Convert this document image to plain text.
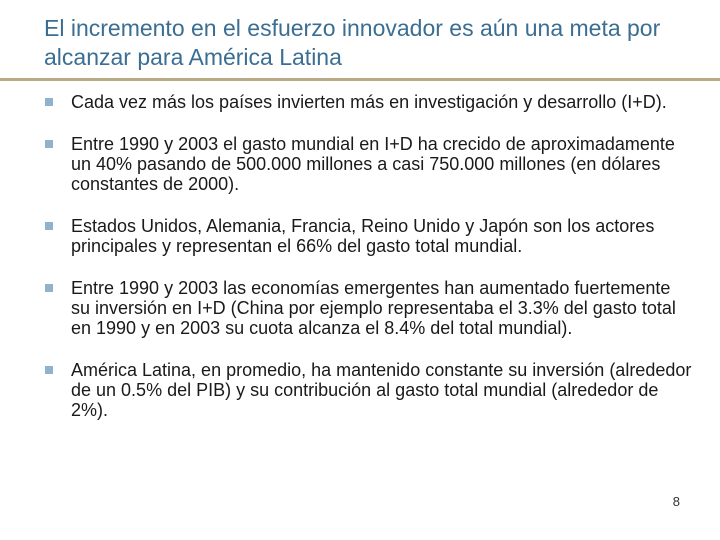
El incremento en el esfuerzo innovador es aún una meta por alcanzar para América Latina
Cada vez más los países invierten más en investigación y desarrollo (I+D).
Entre 1990 y 2003 el gasto mundial en I+D ha crecido de aproximadamente un 40% pasando de 500.000 millones a casi 750.000 millones (en dólares constantes de 2000).
Estados Unidos, Alemania, Francia, Reino Unido y Japón son los actores principales y representan el 66% del gasto total mundial.
Entre 1990 y 2003 las economías emergentes han aumentado fuertemente su inversión en I+D (China por ejemplo representaba el 3.3% del gasto total en 1990 y en 2003 su cuota alcanza el 8.4% del total mundial).
América Latina, en promedio, ha mantenido constante su inversión (alrededor de un 0.5% del PIB) y su contribución al gasto total mundial (alrededor de 2%).
8
